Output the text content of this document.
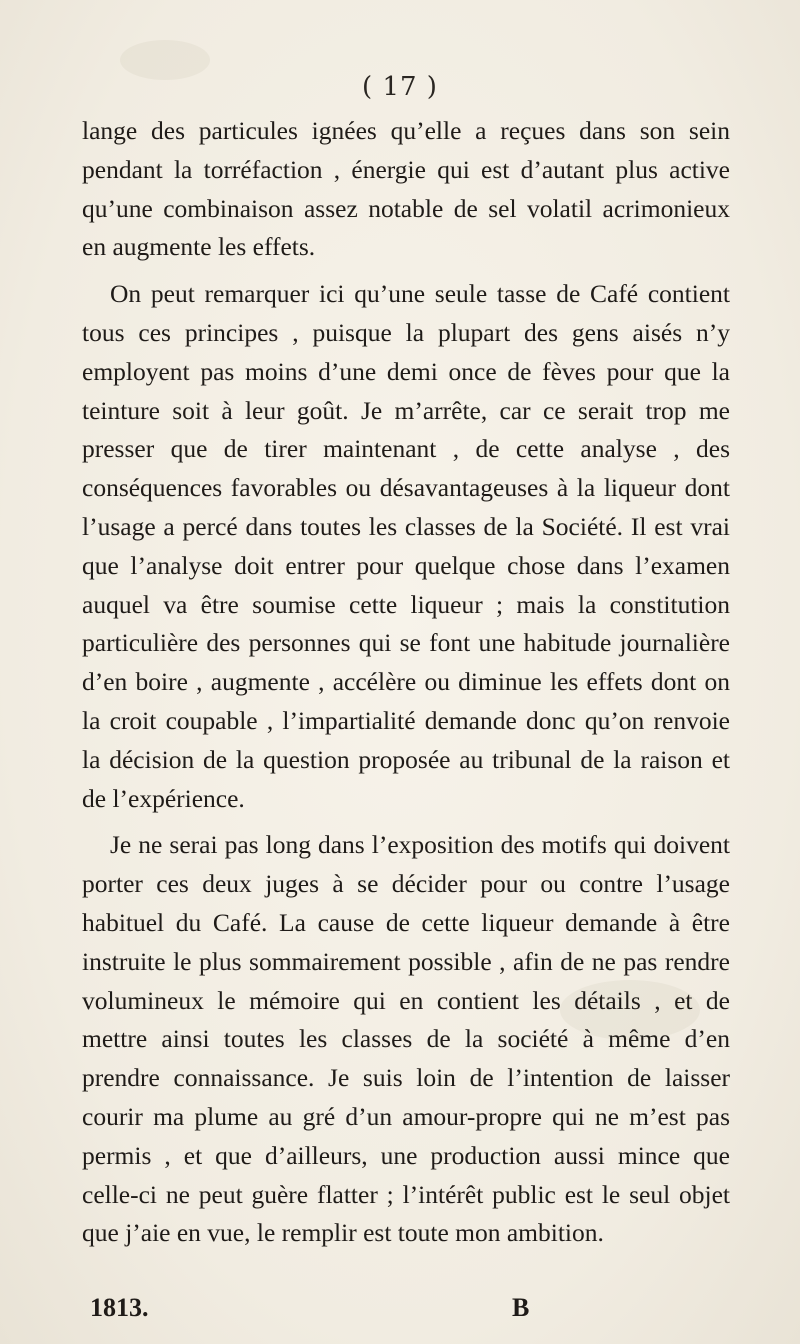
( 17 )

lange des particules ignées qu’elle a reçues dans son sein pendant la torréfaction , énergie qui est d’autant plus active qu’une combinaison assez notable de sel volatil acrimonieux en augmente les effets.

On peut remarquer ici qu’une seule tasse de Café contient tous ces principes , puisque la plupart des gens aisés n’y employent pas moins d’une demi once de fèves pour que la teinture soit à leur goût. Je m’arrête, car ce serait trop me presser que de tirer maintenant , de cette analyse , des conséquences favorables ou désavantageuses à la liqueur dont l’usage a percé dans toutes les classes de la Société. Il est vrai que l’analyse doit entrer pour quelque chose dans l’examen auquel va être soumise cette liqueur ; mais la constitution particulière des personnes qui se font une habitude journalière d’en boire , augmente , accélère ou diminue les effets dont on la croit coupable , l’impartialité demande donc qu’on renvoie la décision de la question proposée au tribunal de la raison et de l’expérience.

Je ne serai pas long dans l’exposition des motifs qui doivent porter ces deux juges à se décider pour ou contre l’usage habituel du Café. La cause de cette liqueur demande à être instruite le plus sommairement possible , afin de ne pas rendre volumineux le mémoire qui en contient les détails , et de mettre ainsi toutes les classes de la société à même d’en prendre connaissance. Je suis loin de l’intention de laisser courir ma plume au gré d’un amour-propre qui ne m’est pas permis , et que d’ailleurs, une production aussi mince que celle-ci ne peut guère flatter ; l’intérêt public est le seul objet que j’aie en vue, le remplir est toute mon ambition.

1813.	B
